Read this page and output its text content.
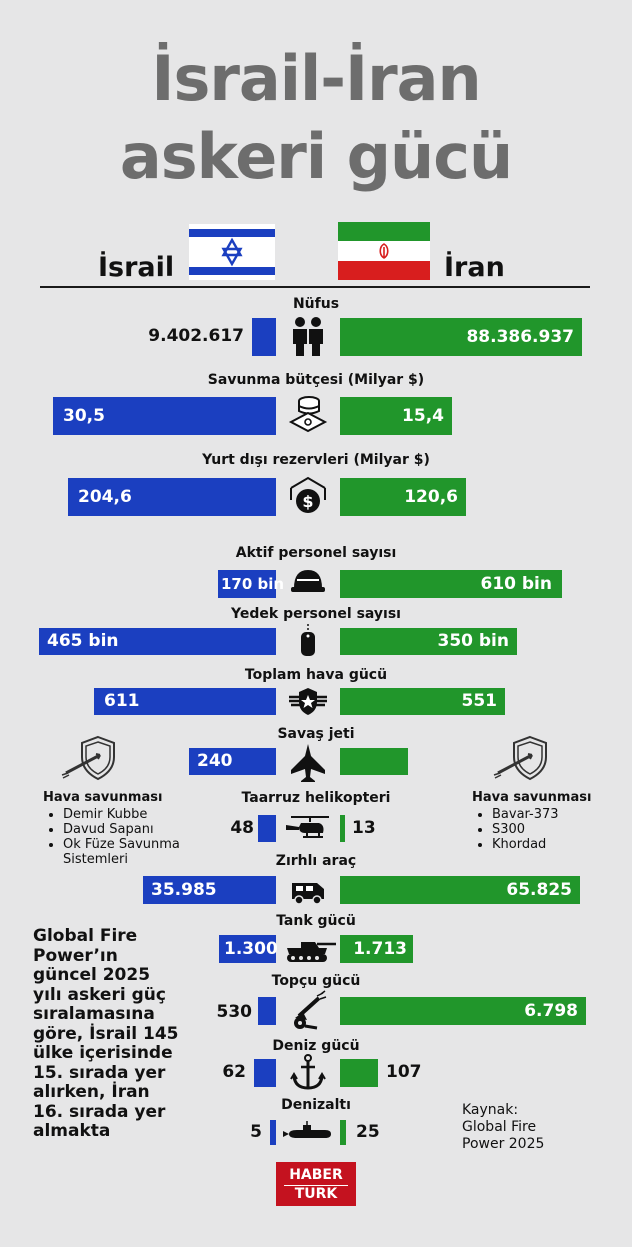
İsrail-İran
askeri gücü
İsrail	İran
Nüfus
9.402.617	88.386.937
Savunma bütçesi (Milyar $)
30,5	15,4
Yurt dışı rezervleri (Milyar $)
204,6	$	120,6
Aktif personel sayısı
170 bin	610 bin
Yedek personel sayısı
465 bin	350 bin
Toplam hava gücü
611	551
Savaş jeti
240
Hava savunması
• Demir Kubbe
• Davud Sapanı
• Ok Füze Savunma Sistemleri
Hava savunması
• Bavar-373
• S300
• Khordad
Taarruz helikopteri
48	13
Zırhlı araç
35.985	65.825
Global Fire Power’ın güncel 2025 yılı askeri güç sıralamasına göre, İsrail 145 ülke içerisinde 15. sırada yer alırken, İran 16. sırada yer almakta
Tank gücü
1.300	1.713
Topçu gücü
530	6.798
Deniz gücü
62	107
Denizaltı
5	25
Kaynak:
Global Fire
Power 2025
HABER
TURK
